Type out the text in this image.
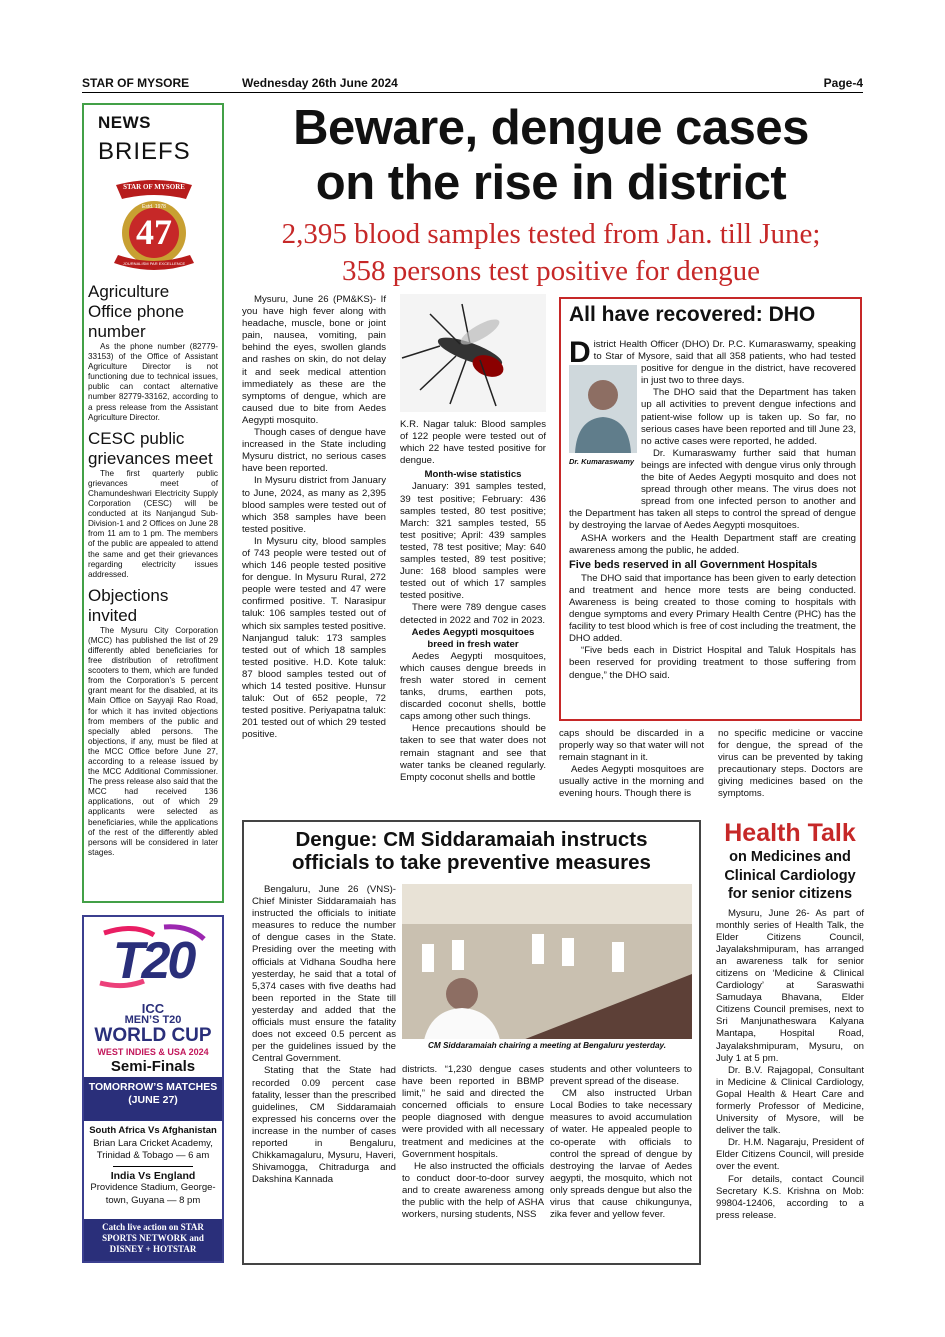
STAR OF MYSORE	Wednesday 26th June 2024	Page-4
NEWS
BRIEFS
STAR OF MYSORE
Estd. 1978
47
JOURNALISM PAR EXCELLENCE
Agriculture Office phone number

As the phone number (82779-33153) of the Office of Assistant Agriculture Director is not functioning due to technical issues, public can contact alternative number 82779-33162, according to a press release from the Assistant Agriculture Director.

CESC public grievances meet

The first quarterly public grievances meet of Chamundeshwari Electricity Supply Corporation (CESC) will be conducted at its Nanjangud Sub-Division-1 and 2 Offices on June 28 from 11 am to 1 pm. The members of the public are appealed to attend the same and get their grievances regarding electricity issues addressed.

Objections invited

The Mysuru City Corporation (MCC) has published the list of 29 differently abled beneficiaries for free distribution of retrofitment scooters to them, which are funded from the Corporation’s 5 percent grant meant for the disabled, at its Main Office on Sayyaji Rao Road, for which it has invited objections from members of the public and specially abled persons. The objections, if any, must be filed at the MCC Office before June 27, according to a release issued by the MCC Additional Commissioner. The press release also said that the MCC had received 136 applications, out of which 29 applicants were selected as beneficiaries, while the applications of the rest of the differently abled persons will be considered in later stages.

T20
ICC
MEN’S T20
WORLD CUP
WEST INDIES & USA 2024
Semi-Finals
TOMORROW’S MATCHES
(JUNE 27)
South Africa Vs Afghanistan
Brian Lara Cricket Academy, Trinidad & Tobago — 6 am
India Vs England
Providence Stadium, George-town, Guyana — 8 pm
Catch live action on STAR SPORTS NETWORK and DISNEY + HOTSTAR
Beware, dengue cases
on the rise in district
2,395 blood samples tested from Jan. till June;
358 persons test positive for dengue

Mysuru, June 26 (PM&KS)- If you have high fever along with headache, muscle, bone or joint pain, nausea, vomiting, pain behind the eyes, swollen glands and rashes on skin, do not delay it and seek medical attention immediately as these are the symptoms of dengue, which are caused due to bite from Aedes Aegypti mosquito.

Though cases of dengue have increased in the State including Mysuru district, no serious cases have been reported.

In Mysuru district from January to June, 2024, as many as 2,395 blood samples were tested out of which 358 samples have been tested positive.

In Mysuru city, blood samples of 743 people were tested out of which 146 people tested positive for dengue. In Mysuru Rural, 272 people were tested and 47 were confirmed positive. T. Narasipur taluk: 106 samples tested out of which six samples tested positive. Nanjangud taluk: 173 samples tested out of which 18 samples tested positive. H.D. Kote taluk: 87 blood samples tested out of which 14 tested positive. Hunsur taluk: Out of 652 people, 72 tested positive. Periyapatna taluk: 201 tested out of which 29 tested positive.

K.R. Nagar taluk: Blood samples of 122 people were tested out of which 22 have tested positive for dengue.

Month-wise statistics

January: 391 samples tested, 39 test positive; February: 436 samples tested, 80 test positive; March: 321 samples tested, 55 test positive; April: 439 samples tested, 78 test positive; May: 640 samples tested, 89 test positive; June: 168 blood samples were tested out of which 17 samples tested positive.

There were 789 dengue cases detected in 2022 and 702 in 2023.

Aedes Aegypti mosquitoes breed in fresh water

Aedes Aegypti mosquitoes, which causes dengue breeds in fresh water stored in cement tanks, drums, earthen pots, discarded coconut shells, bottle caps among other such things.

Hence precautions should be taken to see that water does not remain stagnant and see that water tanks be cleaned regularly. Empty coconut shells and bottle

All have recovered: DHO
Dr. Kumaraswamy
D istrict Health Officer (DHO) Dr. P.C. Kumaraswamy, speaking to Star of Mysore, said that all 358 patients, who had tested positive for dengue in the district, have recovered in just two to three days.

The DHO said that the Department has taken up all activities to prevent dengue infections and patient-wise follow up is taken up. So far, no serious cases have been reported and till June 23, no active cases were reported, he added.

Dr. Kumaraswamy further said that human beings are infected with dengue virus only through the bite of Aedes Aegypti mosquito and does not spread through other means. The virus does not spread from one infected person to another and the Department has taken all steps to control the spread of dengue by destroying the larvae of Aedes Aegypti mosquitoes.

ASHA workers and the Health Department staff are creating awareness among the public, he added.

Five beds reserved in all Government Hospitals

The DHO said that importance has been given to early detection and treatment and hence more tests are being conducted. Awareness is being created to those coming to hospitals with dengue symptoms and every Primary Health Centre (PHC) has the facility to test blood which is free of cost including the treatment, the DHO added.

“Five beds each in District Hospital and Taluk Hospitals has been reserved for providing treatment to those suffering from dengue,” the DHO said.

caps should be discarded in a properly way so that water will not remain stagnant in it.

Aedes Aegypti mosquitoes are usually active in the morning and evening hours. Though there is

no specific medicine or vaccine for dengue, the spread of the virus can be prevented by taking precautionary steps. Doctors are giving medicines based on the symptoms.

Dengue: CM Siddaramaiah instructs
officials to take preventive measures

Bengaluru, June 26 (VNS)- Chief Minister Siddaramaiah has instructed the officials to initiate measures to reduce the number of dengue cases in the State. Presiding over the meeting with officials at Vidhana Soudha here yesterday, he said that a total of 5,374 cases with five deaths had been reported in the State till yesterday and added that the officials must ensure the fatality does not exceed 0.5 percent as per the guidelines issued by the Central Government.

Stating that the State had recorded 0.09 percent case fatality, lesser than the prescribed guidelines, CM Siddaramaiah expressed his concerns over the increase in the number of cases reported in Bengaluru, Chikkamagaluru, Mysuru, Haveri, Shivamogga, Chitradurga and Dakshina Kannada

CM Siddaramaiah chairing a meeting at Bengaluru yesterday.

districts. “1,230 dengue cases have been reported in BBMP limit,” he said and directed the concerned officials to ensure people diagnosed with dengue were provided with all necessary treatment and medicines at the Government hospitals.

He also instructed the officials to conduct door-to-door survey and to create awareness among the public with the help of ASHA workers, nursing students, NSS

students and other volunteers to prevent spread of the disease.

CM also instructed Urban Local Bodies to take necessary measures to avoid accumulation of water. He appealed people to co-operate with officials to control the spread of dengue by destroying the larvae of Aedes aegypti, the mosquito, which not only spreads dengue but also the virus that cause chikungunya, zika fever and yellow fever.

Health Talk
on Medicines and
Clinical Cardiology
for senior citizens

Mysuru, June 26- As part of monthly series of Health Talk, the Elder Citizens Council, Jayalakshmipuram, has arranged an awareness talk for senior citizens on ‘Medicine & Clinical Cardiology’ at Saraswathi Samudaya Bhavana, Elder Citizens Council premises, next to Sri Manjunatheswara Kalyana Mantapa, Hospital Road, Jayalakshmipuram, Mysuru, on July 1 at 5 pm.

Dr. B.V. Rajagopal, Consultant in Medicine & Clinical Cardiology, Gopal Health & Heart Care and formerly Professor of Medicine, University of Mysore, will be deliver the talk.

Dr. H.M. Nagaraju, President of Elder Citizens Council, will preside over the event.

For details, contact Council Secretary K.S. Krishna on Mob: 99804-12406, according to a press release.
